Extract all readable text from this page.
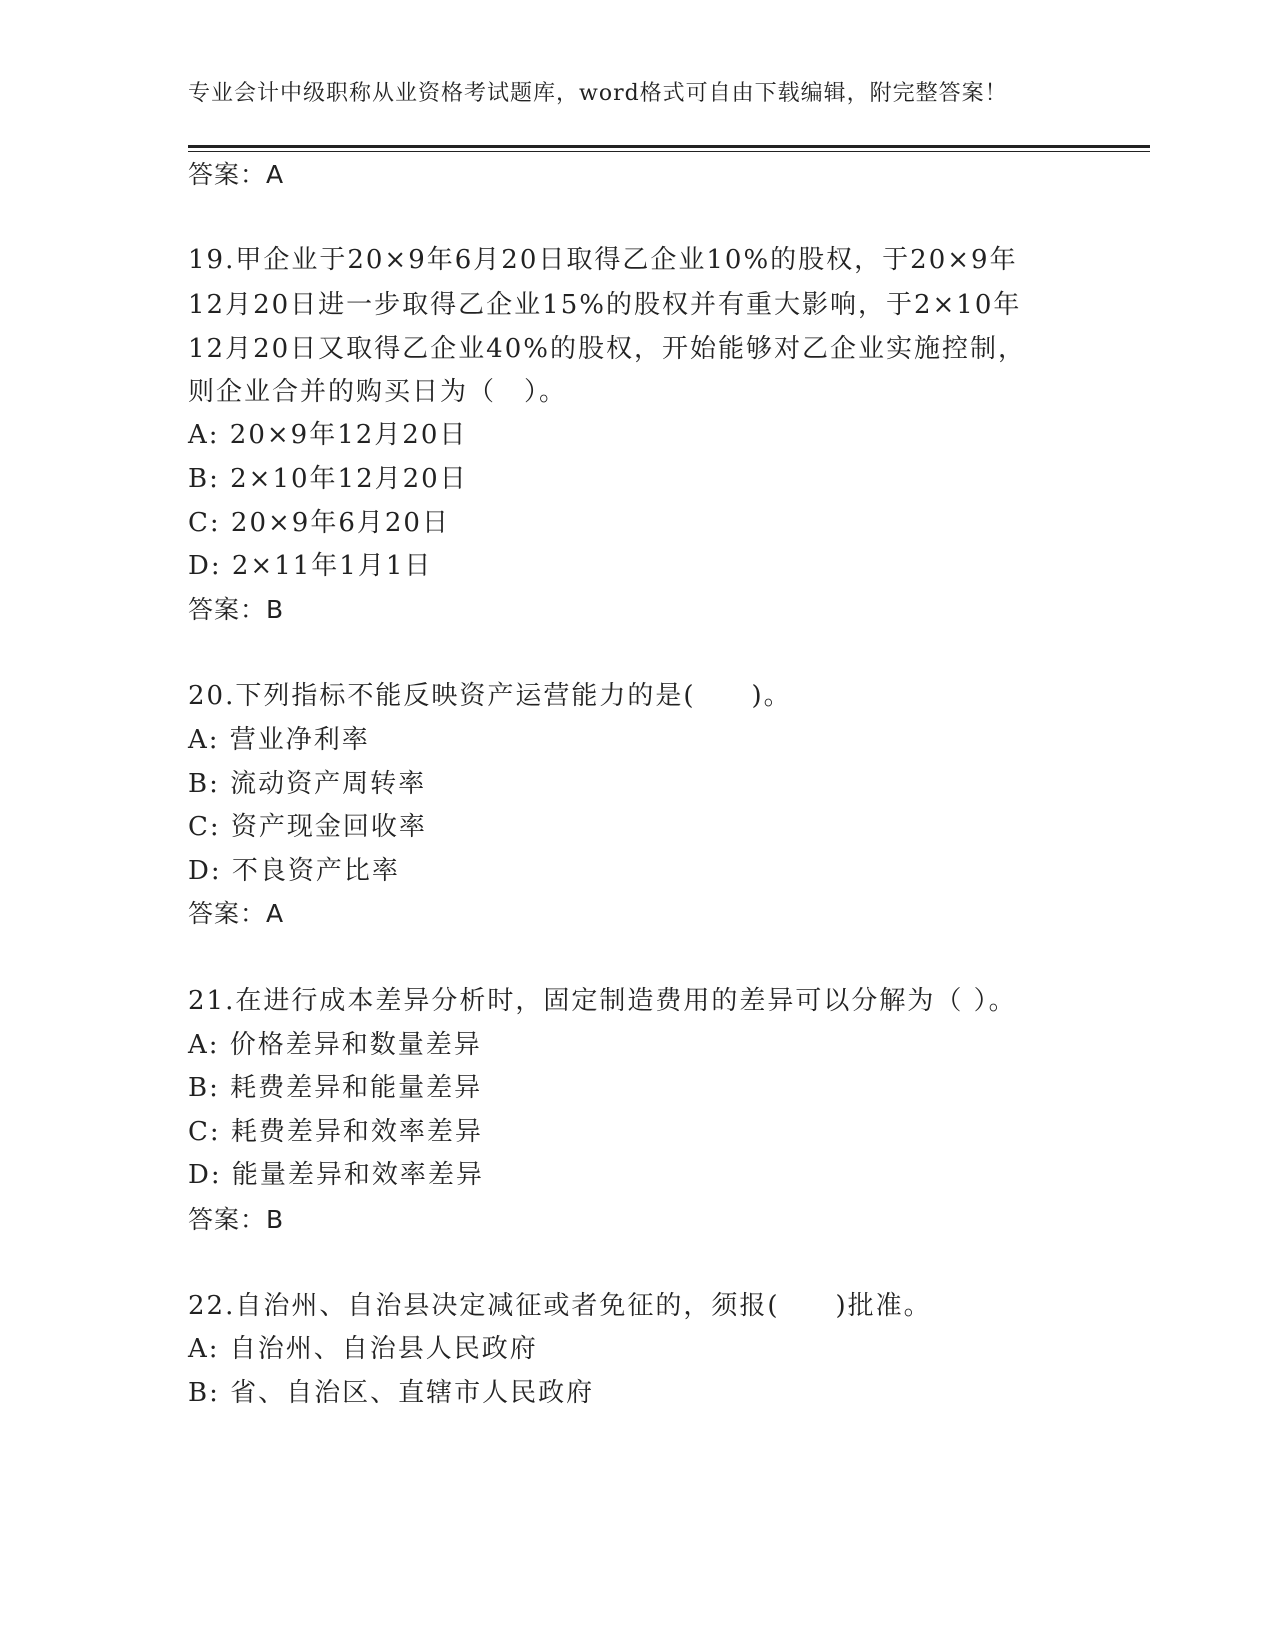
专业会计中级职称从业资格考试题库，word格式可自由下载编辑，附完整答案！
答案：A
19.甲企业于20×9年6月20日取得乙企业10%的股权，于20×9年
12月20日进一步取得乙企业15%的股权并有重大影响，于2×10年
12月20日又取得乙企业40%的股权，开始能够对乙企业实施控制，
则企业合并的购买日为（　）。
A: 20×9年12月20日
B: 2×10年12月20日
C: 20×9年6月20日
D: 2×11年1月1日
答案：B
20.下列指标不能反映资产运营能力的是(　　)。
A: 营业净利率
B: 流动资产周转率
C: 资产现金回收率
D: 不良资产比率
答案：A
21.在进行成本差异分析时，固定制造费用的差异可以分解为（ ）。
A: 价格差异和数量差异
B: 耗费差异和能量差异
C: 耗费差异和效率差异
D: 能量差异和效率差异
答案：B
22.自治州、自治县决定减征或者免征的，须报(　　)批准。
A: 自治州、自治县人民政府
B: 省、自治区、直辖市人民政府
